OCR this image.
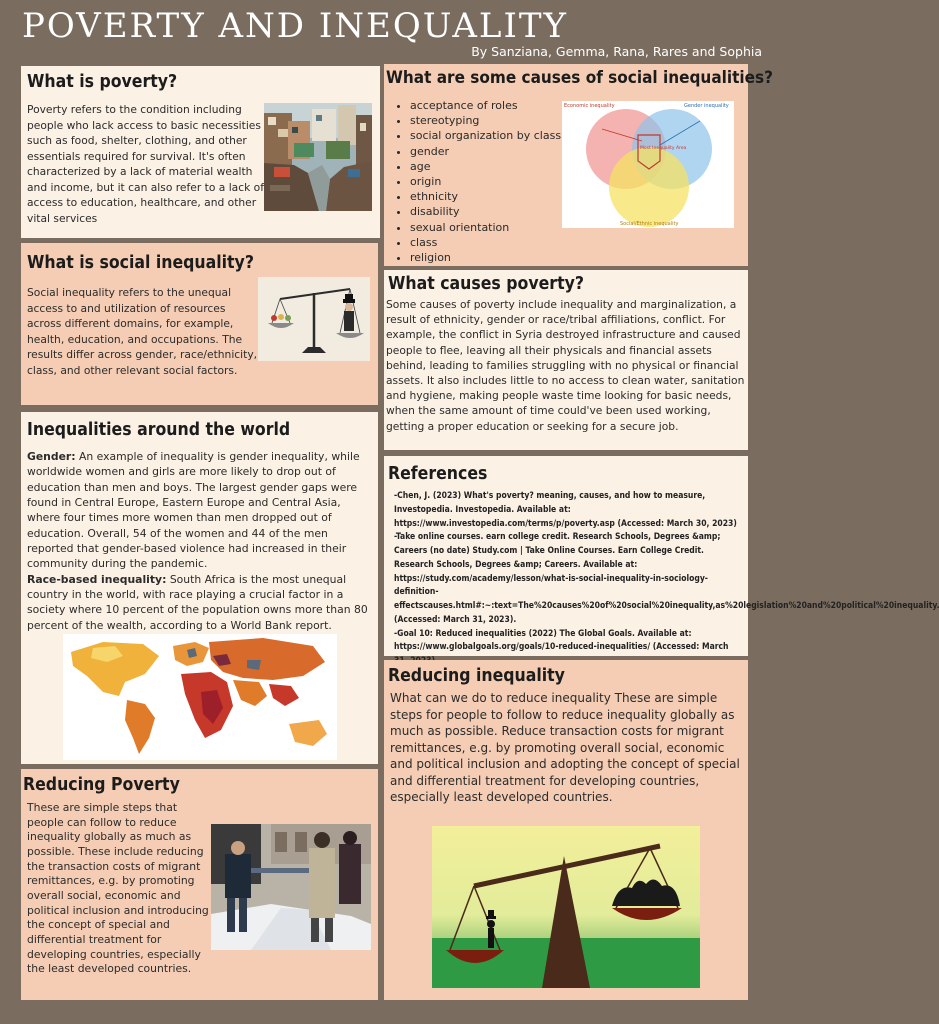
POVERTY AND INEQUALITY
By Sanziana, Gemma, Rana, Rares and Sophia
What is poverty?
Poverty refers to the condition including people who lack access to basic necessities such as food, shelter, clothing, and other essentials required for survival. It's often characterized by a lack of material wealth and income, but it can also refer to a lack of access to education, healthcare, and other vital services
What are some causes of social inequalities?
• acceptance of roles
• stereotyping
• social organization by class
• gender
• age
• origin
• ethnicity
• disability
• sexual orientation
• class
• religion
Economic inequality	Gender inequality
Most Inequality Area
Social/Ethnic inequality
What is social inequality?
Social inequality refers to the unequal access to and utilization of resources across different domains, for example, health, education, and occupations. The results differ across gender, race/ethnicity, class, and other relevant social factors.
What causes poverty?
Some causes of poverty include inequality and marginalization, a result of ethnicity, gender or race/tribal affiliations, conflict. For example, the conflict in Syria destroyed infrastructure and caused people to flee, leaving all their physicals and financial assets behind, leading to families struggling with no physical or financial assets. It also includes little to no access to clean water, sanitation and hygiene, making people waste time looking for basic needs, when the same amount of time could've been used working, getting a proper education or seeking for a secure job.
Inequalities around the world
Gender: An example of inequality is gender inequality, while worldwide women and girls are more likely to drop out of education than men and boys. The largest gender gaps were found in Central Europe, Eastern Europe and Central Asia, where four times more women than men dropped out of education. Overall, 54 of the women and 44 of the men reported that gender-based violence had increased in their community during the pandemic.
Race-based inequality: South Africa is the most unequal country in the world, with race playing a crucial factor in a society where 10 percent of the population owns more than 80 percent of the wealth, according to a World Bank report.
References
-Chen, J. (2023) What's poverty? meaning, causes, and how to measure, Investopedia. Investopedia. Available at: https://www.investopedia.com/terms/p/poverty.asp (Accessed: March 30, 2023)
-Take online courses. earn college credit. Research Schools, Degrees &amp; Careers (no date) Study.com | Take Online Courses. Earn College Credit. Research Schools, Degrees &amp; Careers. Available at: https://study.com/academy/lesson/what-is-social-inequality-in-sociology-definition-effectscauses.html#:~:text=The%20causes%20of%20social%20inequality,as%20legislation%20and%20political%20inequality. (Accessed: March 31, 2023).
-Goal 10: Reduced inequalities (2022) The Global Goals. Available at: https://www.globalgoals.org/goals/10-reduced-inequalities/ (Accessed: March
Reducing inequality
What can we do to reduce inequality These are simple steps for people to follow to reduce inequality globally as much as possible. Reduce transaction costs for migrant remittances, e.g. by promoting overall social, economic and political inclusion and adopting the concept of special and differential treatment for developing countries, especially least developed countries.
Reducing Poverty
These are simple steps that people can follow to reduce inequality globally as much as possible. These include reducing the transaction costs of migrant remittances, e.g. by promoting overall social, economic and political inclusion and introducing the concept of special and differential treatment for developing countries, especially the least developed countries.
